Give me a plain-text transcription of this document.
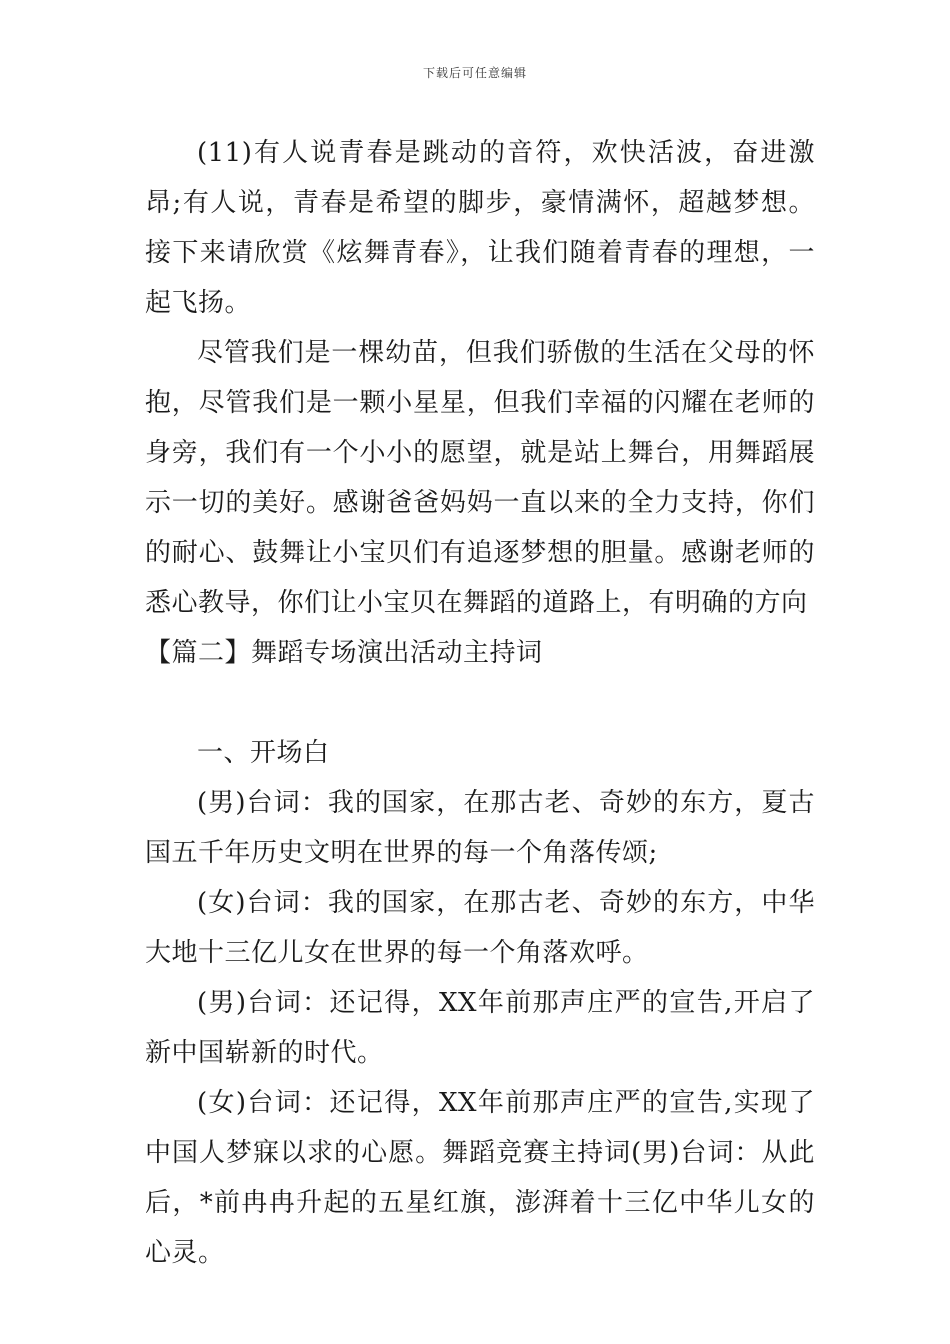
下载后可任意编辑

(11)有人说青春是跳动的音符，欢快活波，奋进激昂;有人说，青春是希望的脚步，豪情满怀，超越梦想。接下来请欣赏《炫舞青春》，让我们随着青春的理想，一起飞扬。

尽管我们是一棵幼苗，但我们骄傲的生活在父母的怀抱，尽管我们是一颗小星星，但我们幸福的闪耀在老师的身旁，我们有一个小小的愿望，就是站上舞台，用舞蹈展示一切的美好。感谢爸爸妈妈一直以来的全力支持，你们的耐心、鼓舞让小宝贝们有追逐梦想的胆量。感谢老师的悉心教导，你们让小宝贝在舞蹈的道路上，有明确的方向

【篇二】舞蹈专场演出活动主持词

一、开场白

(男)台词：我的国家，在那古老、奇妙的东方，夏古国五千年历史文明在世界的每一个角落传颂;

(女)台词：我的国家，在那古老、奇妙的东方，中华大地十三亿儿女在世界的每一个角落欢呼。

(男)台词：还记得，XX年前那声庄严的宣告,开启了新中国崭新的时代。

(女)台词：还记得，XX年前那声庄严的宣告,实现了中国人梦寐以求的心愿。舞蹈竞赛主持词(男)台词：从此后，*前冉冉升起的五星红旗，澎湃着十三亿中华儿女的心灵。
